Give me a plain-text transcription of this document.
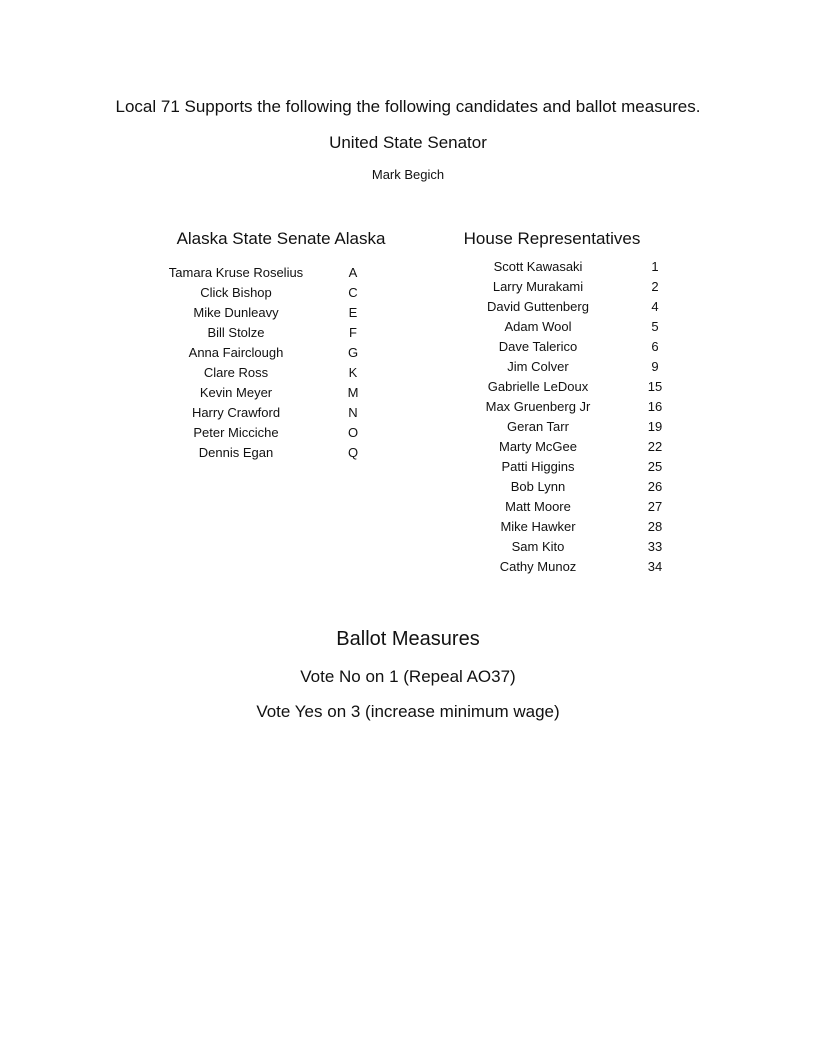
Local 71 Supports the following the following candidates and ballot measures.
United State Senator
Mark Begich
Alaska State Senate Alaska	House Representatives
Tamara Kruse Roselius	A
Click Bishop	C
Mike Dunleavy	E
Bill Stolze	F
Anna Fairclough	G
Clare Ross	K
Kevin Meyer	M
Harry Crawford	N
Peter Micciche	O
Dennis Egan	Q
Scott Kawasaki	1
Larry Murakami	2
David Guttenberg	4
Adam Wool	5
Dave Talerico	6
Jim Colver	9
Gabrielle LeDoux	15
Max Gruenberg Jr	16
Geran Tarr	19
Marty McGee	22
Patti Higgins	25
Bob Lynn	26
Matt Moore	27
Mike Hawker	28
Sam Kito	33
Cathy Munoz	34
Ballot Measures
Vote No on 1 (Repeal AO37)
Vote Yes on 3 (increase minimum wage)
